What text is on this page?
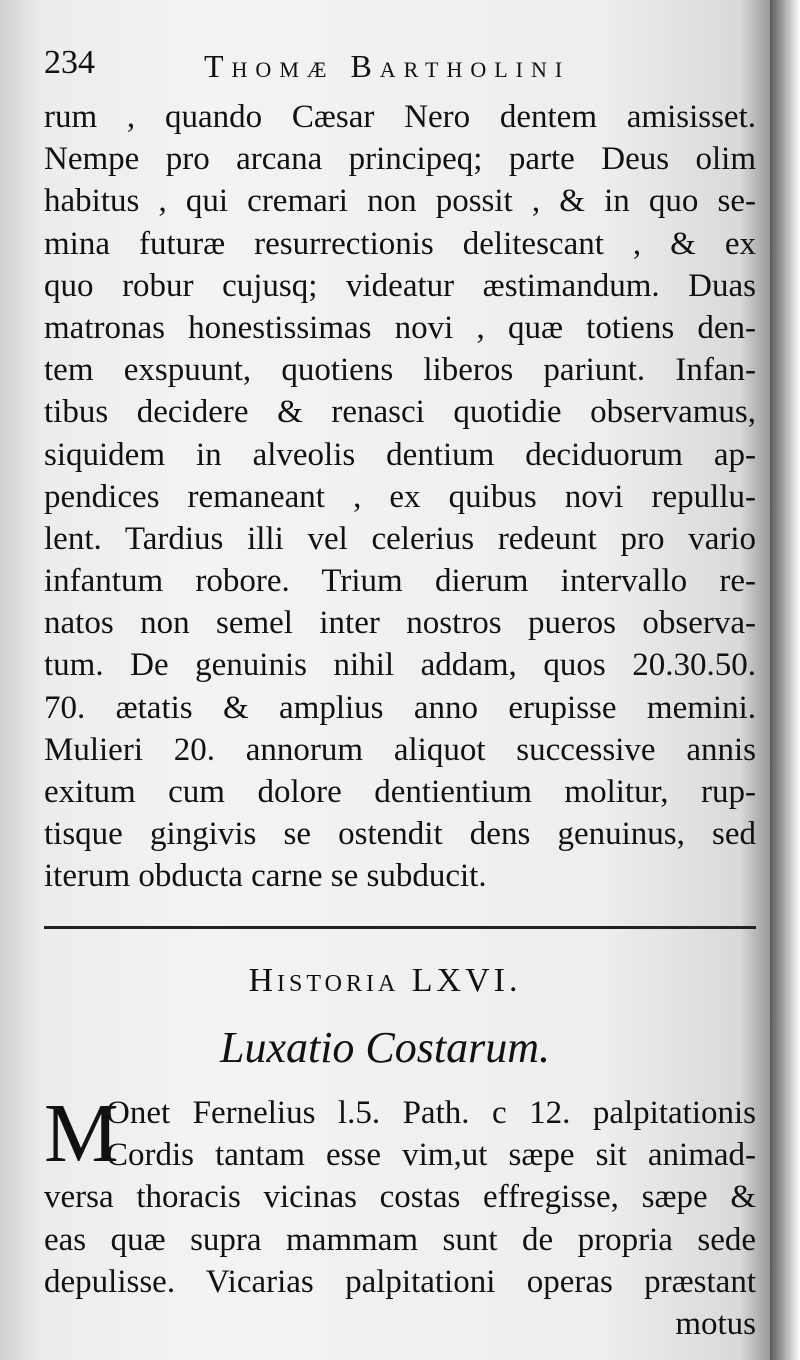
234	Thomæ Bartholini
rum , quando Cæsar Nero dentem amisisset.
Nempe pro arcana principeq; parte Deus olim
habitus , qui cremari non possit , & in quo se-
mina futuræ resurrectionis delitescant , & ex
quo robur cujusq; videatur æstimandum. Duas
matronas honestissimas novi , quæ totiens den-
tem exspuunt, quotiens liberos pariunt. Infan-
tibus decidere & renasci quotidie observamus,
siquidem in alveolis dentium deciduorum ap-
pendices remaneant , ex quibus novi repullu-
lent. Tardius illi vel celerius redeunt pro vario
infantum robore. Trium dierum intervallo re-
natos non semel inter nostros pueros observa-
tum. De genuinis nihil addam, quos 20.30.50.
70. ætatis & amplius anno erupisse memini.
Mulieri 20. annorum aliquot successive annis
exitum cum dolore dentientium molitur, rup-
tisque gingivis se ostendit dens genuinus, sed
iterum obducta carne se subducit.
Historia LXVI.
Luxatio Costarum.
M
Onet Fernelius l.5. Path. c 12. palpitationis
Cordis tantam esse vim,ut sæpe sit animad-
versa thoracis vicinas costas effregisse, sæpe &
eas quæ supra mammam sunt de propria sede
depulisse. Vicarias palpitationi operas præstant
motus
